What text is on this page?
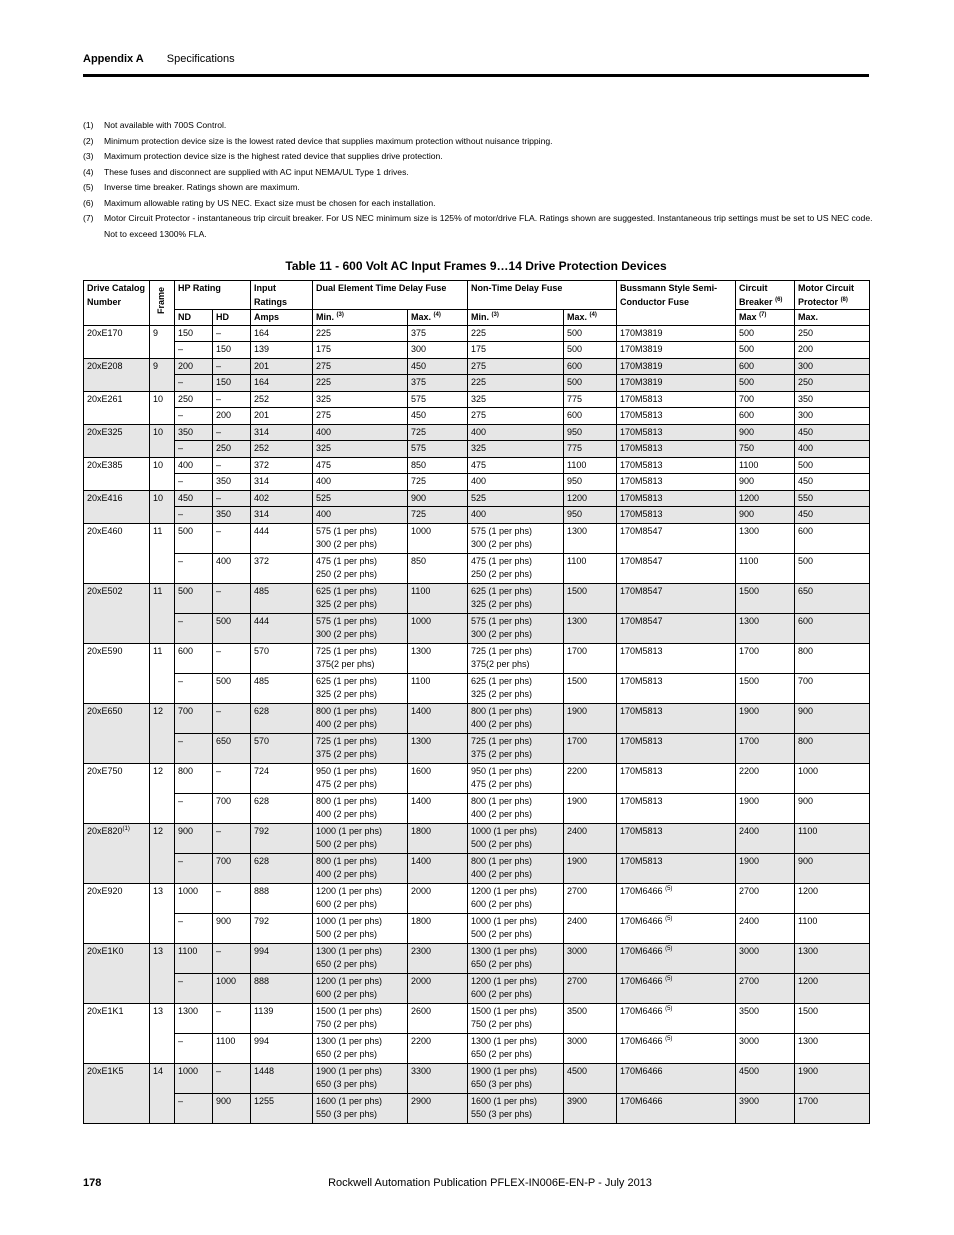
Appendix A Specifications
(1)	Not available with 700S Control.
(2)	Minimum protection device size is the lowest rated device that supplies maximum protection without nuisance tripping.
(3)	Maximum protection device size is the highest rated device that supplies drive protection.
(4)	These fuses and disconnect are supplied with AC input NEMA/UL Type 1 drives.
(5)	Inverse time breaker. Ratings shown are maximum.
(6)	Maximum allowable rating by US NEC. Exact size must be chosen for each installation.
(7)	Motor Circuit Protector - instantaneous trip circuit breaker. For US NEC minimum size is 125% of motor/drive FLA. Ratings shown are suggested. Instantaneous trip settings must be set to US NEC code. Not to exceed 1300% FLA.
Table 11 - 600 Volt AC Input Frames 9…14 Drive Protection Devices
Drive Catalog Number	Frame	HP Rating		Input Ratings	Dual Element Time Delay Fuse		Non-Time Delay Fuse		Bussmann Style Semi-Conductor Fuse	Circuit Breaker $^{(6)}$	Motor Circuit Protector $^{(8)}$
		ND	HD	Amps	Min. $^{(3)}$	Max. $^{(4)}$	Min. $^{(3)}$	Max. $^{(4)}$		Max $^{(7)}$	Max.
20xE170	9	150	–	164	225	375	225	500	170M3819	500	250
		–	150	139	175	300	175	500	170M3819	500	200
20xE208	9	200	–	201	275	450	275	600	170M3819	600	300
		–	150	164	225	375	225	500	170M3819	500	250
20xE261	10	250	–	252	325	575	325	775	170M5813	700	350
		–	200	201	275	450	275	600	170M5813	600	300
20xE325	10	350	–	314	400	725	400	950	170M5813	900	450
		–	250	252	325	575	325	775	170M5813	750	400
20xE385	10	400	–	372	475	850	475	1100	170M5813	1100	500
		–	350	314	400	725	400	950	170M5813	900	450
20xE416	10	450	–	402	525	900	525	1200	170M5813	1200	550
		–	350	314	400	725	400	950	170M5813	900	450
20xE460	11	500	–	444	575 (1 per phs)
300 (2 per phs)	1000	575 (1 per phs)
300 (2 per phs)	1300	170M8547	1300	600
		–	400	372	475 (1 per phs)
250 (2 per phs)	850	475 (1 per phs)
250 (2 per phs)	1100	170M8547	1100	500
20xE502	11	500	–	485	625 (1 per phs)
325 (2 per phs)	1100	625 (1 per phs)
325 (2 per phs)	1500	170M8547	1500	650
		–	500	444	575 (1 per phs)
300 (2 per phs)	1000	575 (1 per phs)
300 (2 per phs)	1300	170M8547	1300	600
20xE590	11	600	–	570	725 (1 per phs)
375(2 per phs)	1300	725 (1 per phs)
375(2 per phs)	1700	170M5813	1700	800
		–	500	485	625 (1 per phs)
325 (2 per phs)	1100	625 (1 per phs)
325 (2 per phs)	1500	170M5813	1500	700
20xE650	12	700	–	628	800 (1 per phs)
400 (2 per phs)	1400	800 (1 per phs)
400 (2 per phs)	1900	170M5813	1900	900
		–	650	570	725 (1 per phs)
375 (2 per phs)	1300	725 (1 per phs)
375 (2 per phs)	1700	170M5813	1700	800
20xE750	12	800	–	724	950 (1 per phs)
475 (2 per phs)	1600	950 (1 per phs)
475 (2 per phs)	2200	170M5813	2200	1000
		–	700	628	800 (1 per phs)
400 (2 per phs)	1400	800 (1 per phs)
400 (2 per phs)	1900	170M5813	1900	900
20xE820$^{(1)}$	12	900	–	792	1000 (1 per phs)
500 (2 per phs)	1800	1000 (1 per phs)
500 (2 per phs)	2400	170M5813	2400	1100
		–	700	628	800 (1 per phs)
400 (2 per phs)	1400	800 (1 per phs)
400 (2 per phs)	1900	170M5813	1900	900
20xE920	13	1000	–	888	1200 (1 per phs)
600 (2 per phs)	2000	1200 (1 per phs)
600 (2 per phs)	2700	170M6466 $^{(5)}$	2700	1200
		–	900	792	1000 (1 per phs)
500 (2 per phs)	1800	1000 (1 per phs)
500 (2 per phs)	2400	170M6466 $^{(5)}$	2400	1100
20xE1K0	13	1100	–	994	1300 (1 per phs)
650 (2 per phs)	2300	1300 (1 per phs)
650 (2 per phs)	3000	170M6466 $^{(5)}$	3000	1300
		–	1000	888	1200 (1 per phs)
600 (2 per phs)	2000	1200 (1 per phs)
600 (2 per phs)	2700	170M6466 $^{(5)}$	2700	1200
20xE1K1	13	1300	–	1139	1500 (1 per phs)
750 (2 per phs)	2600	1500 (1 per phs)
750 (2 per phs)	3500	170M6466 $^{(5)}$	3500	1500
		–	1100	994	1300 (1 per phs)
650 (2 per phs)	2200	1300 (1 per phs)
650 (2 per phs)	3000	170M6466 $^{(5)}$	3000	1300
20xE1K5	14	1000	–	1448	1900 (1 per phs)
650 (3 per phs)	3300	1900 (1 per phs)
650 (3 per phs)	4500	170M6466	4500	1900
		–	900	1255	1600 (1 per phs)
550 (3 per phs)	2900	1600 (1 per phs)
550 (3 per phs)	3900	170M6466	3900	1700
178	Rockwell Automation Publication PFLEX-IN006E-EN-P - July 2013
